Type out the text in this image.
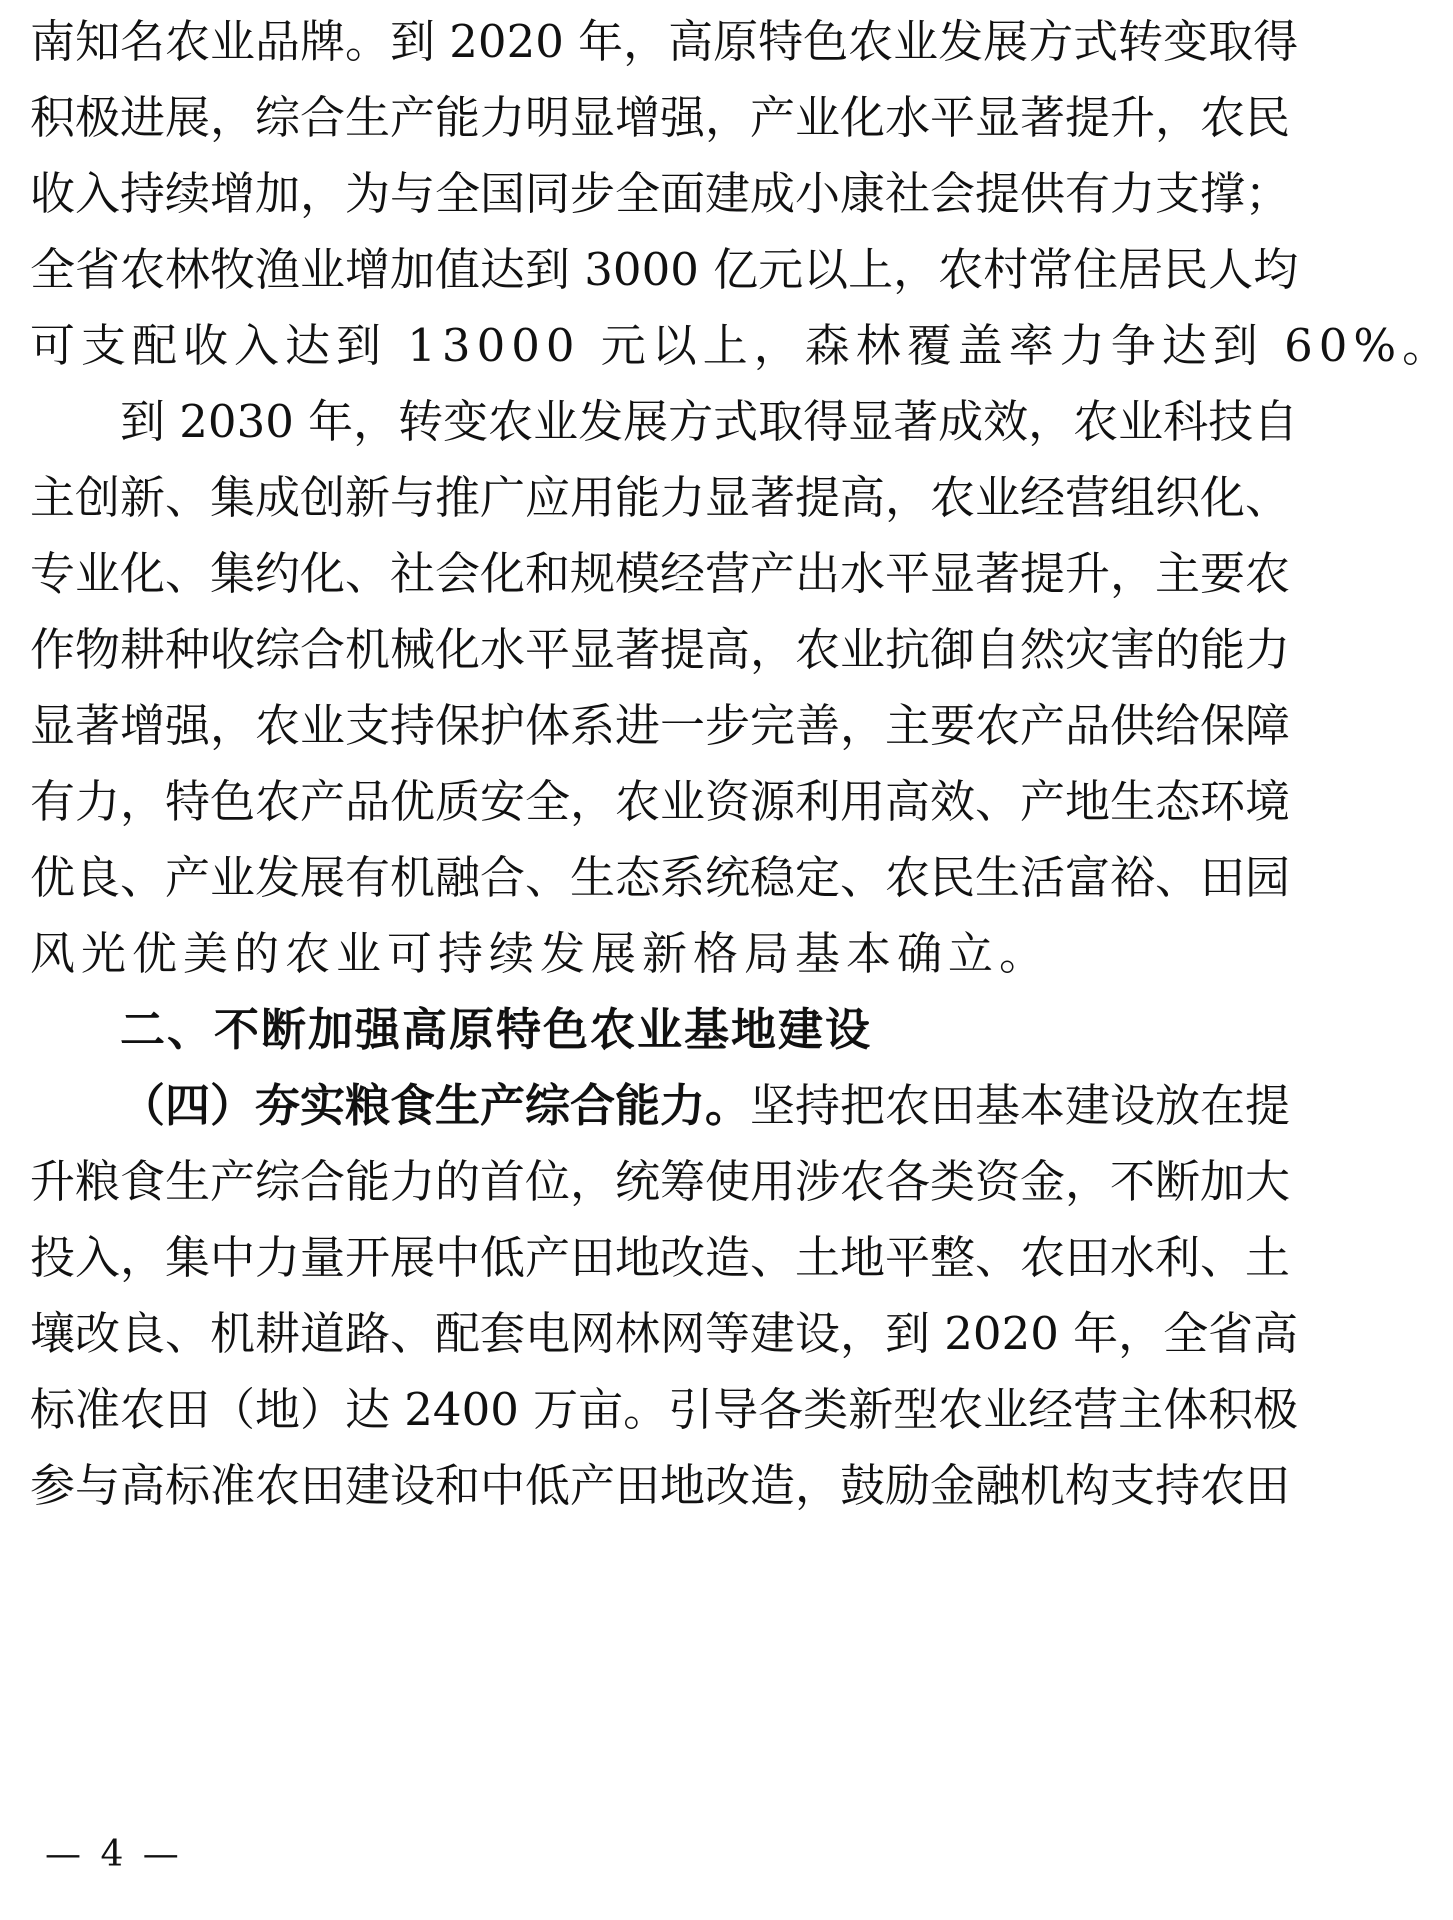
南知名农业品牌。到 2020 年，高原特色农业发展方式转变取得
积极进展，综合生产能力明显增强，产业化水平显著提升，农民
收入持续增加，为与全国同步全面建成小康社会提供有力支撑；
全省农林牧渔业增加值达到 3000 亿元以上，农村常住居民人均
可支配收入达到 13000 元以上，森林覆盖率力争达到 60%。
到 2030 年，转变农业发展方式取得显著成效，农业科技自
主创新、集成创新与推广应用能力显著提高，农业经营组织化、
专业化、集约化、社会化和规模经营产出水平显著提升，主要农
作物耕种收综合机械化水平显著提高，农业抗御自然灾害的能力
显著增强，农业支持保护体系进一步完善，主要农产品供给保障
有力，特色农产品优质安全，农业资源利用高效、产地生态环境
优良、产业发展有机融合、生态系统稳定、农民生活富裕、田园
风光优美的农业可持续发展新格局基本确立。
二、不断加强高原特色农业基地建设
（四）夯实粮食生产综合能力。 坚持把农田基本建设放在提
升粮食生产综合能力的首位，统筹使用涉农各类资金，不断加大
投入，集中力量开展中低产田地改造、土地平整、农田水利、土
壤改良、机耕道路、配套电网林网等建设，到 2020 年，全省高
标准农田（地）达 2400 万亩。引导各类新型农业经营主体积极
参与高标准农田建设和中低产田地改造，鼓励金融机构支持农田
— 4 —
